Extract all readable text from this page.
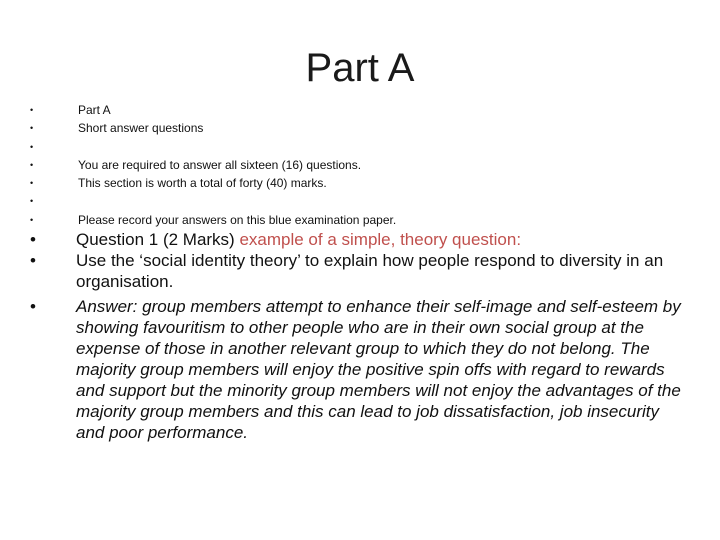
Part A
•	Part A
•	Short answer questions
•
•	You are required to answer all sixteen (16) questions.
•	This section is worth a total of forty (40) marks.
•
•	Please record your answers on this blue examination paper.
• Question 1 (2 Marks) example of a simple, theory question:
• Use the ‘social identity theory’ to explain how people respond to diversity in an organisation.
• Answer: group members attempt to enhance their self-image and self-esteem by showing favouritism to other people who are in their own social group at the expense of those in another relevant group to which they do not belong. The majority group members will enjoy the positive spin offs with regard to rewards and support but the minority group members will not enjoy the advantages of the majority group members and this can lead to job dissatisfaction, job insecurity and poor performance.
